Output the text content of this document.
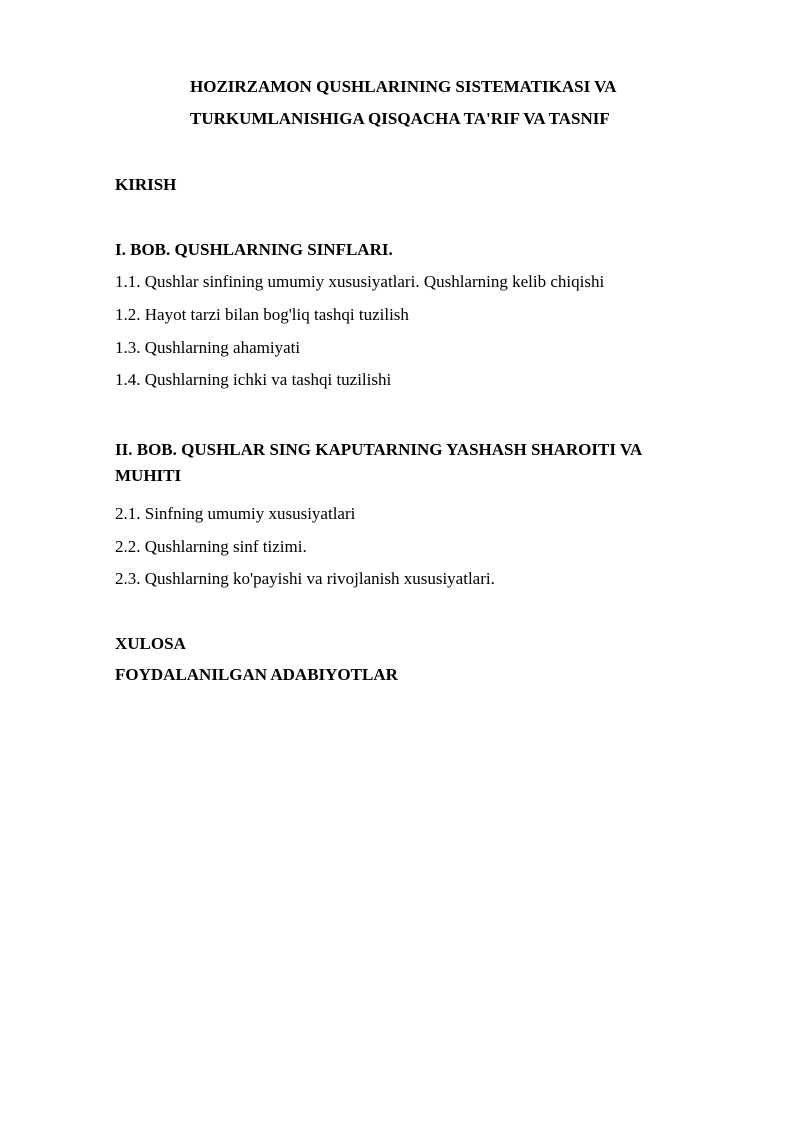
HOZIRZAMON QUSHLARINING SISTEMATIKASI VA
TURKUMLANISHIGA QISQACHA TA'RIF VA TASNIF
KIRISH
I. BOB. QUSHLARNING SINFLARI.
1.1. Qushlar sinfining umumiy xususiyatlari. Qushlarning kelib chiqishi
1.2. Hayot tarzi bilan bog'liq tashqi tuzilish
1.3. Qushlarning ahamiyati
1.4. Qushlarning ichki va tashqi tuzilishi
II. BOB. QUSHLAR SING KAPUTARNING YASHASH SHAROITI VA
MUHITI
2.1. Sinfning umumiy xususiyatlari
2.2. Qushlarning sinf tizimi.
2.3. Qushlarning ko'payishi va rivojlanish xususiyatlari.
XULOSA
FOYDALANILGAN ADABIYOTLAR
